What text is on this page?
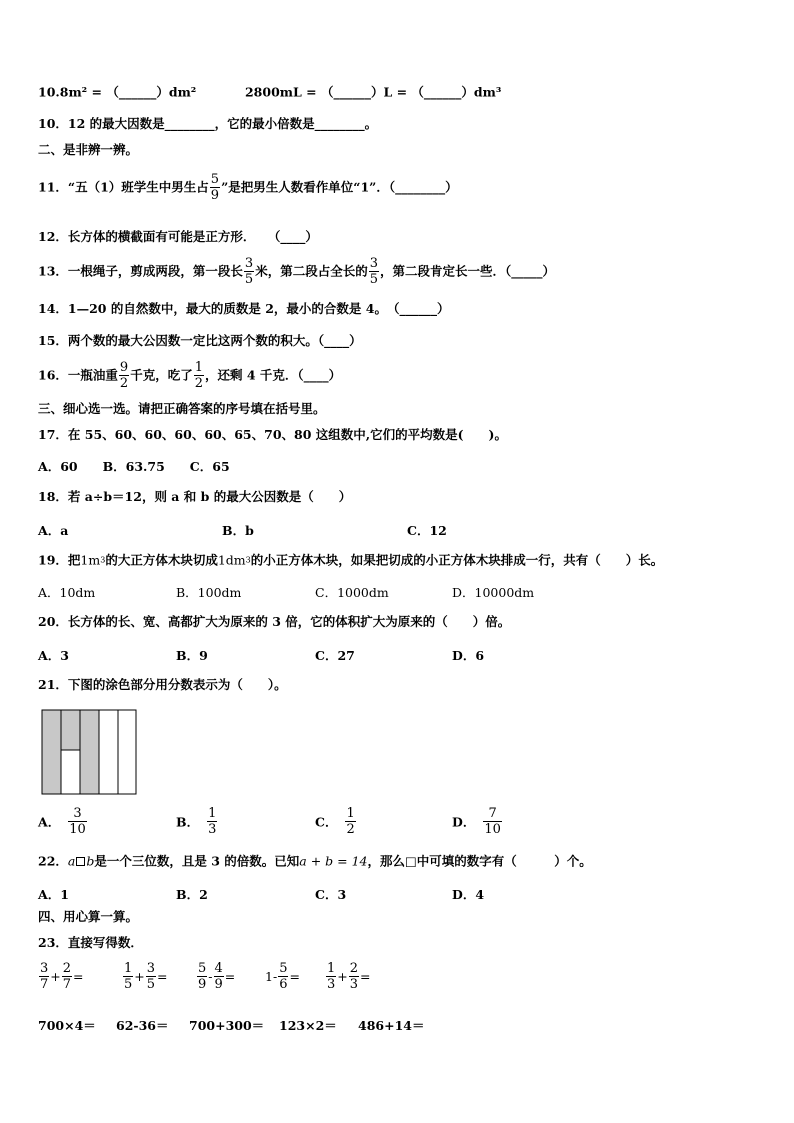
10.8m² = （______）dm²	2800mL = （______）L = （______）dm³
10．12 的最大因数是________，它的最小倍数是________。
二、是非辨一辨。
11．“五（1）班学生中男生占 $\frac{5}{9}$ ”是把男生人数看作单位“1”．（________）
12．长方体的横截面有可能是正方形．　　（____）
13．一根绳子，剪成两段，第一段长 $\frac{3}{5}$ 米，第二段占全长的 $\frac{3}{5}$ ，第二段肯定长一些．（_____）
14．1—20 的自然数中，最大的质数是 2，最小的合数是 4。　（______）
15．两个数的最大公因数一定比这两个数的积大。（____）
16．一瓶油重 $\frac{9}{2}$ 千克，吃了 $\frac{1}{2}$ ，还剩 4 千克．（____）
三、细心选一选。请把正确答案的序号填在括号里。
17．在 55、60、60、60、60、65、70、80 这组数中,它们的平均数是(　　)。
A．60　　B．63.75　　C．65
18．若 a÷b＝12，则 a 和 b 的最大公因数是（　　）
A．a	B．b	C．12
19．把1m3的大正方体木块切成1dm3的小正方体木块，如果把切成的小正方体木块排成一行，共有（　　）长。
A．10dm	B．100dm	C．1000dm	D．10000dm
20．长方体的长、宽、高都扩大为原来的 3 倍，它的体积扩大为原来的（　　）倍。
A．3	B．9	C．27	D．6
21．下图的涂色部分用分数表示为（　　）。
A． $\frac{3}{10}$	B． $\frac{1}{3}$	C． $\frac{1}{2}$	D． $\frac{7}{10}$
22．a b是一个三位数，且是 3 的倍数。已知a + b = 14，那么□中可填的数字有（　　　）个。
A．1	B．2	C．3	D．4
四、用心算一算。
23．直接写得数．
$\frac{3}{7} + \frac{2}{7}$ =	$\frac{1}{5} + \frac{3}{5} = \frac{5}{9} - \frac{4}{9} = 1- \frac{5}{6} = \frac{1}{3} + \frac{2}{3}$ =
700×4＝ 62-36＝ 700+300＝ 123×2＝ 486+14＝
